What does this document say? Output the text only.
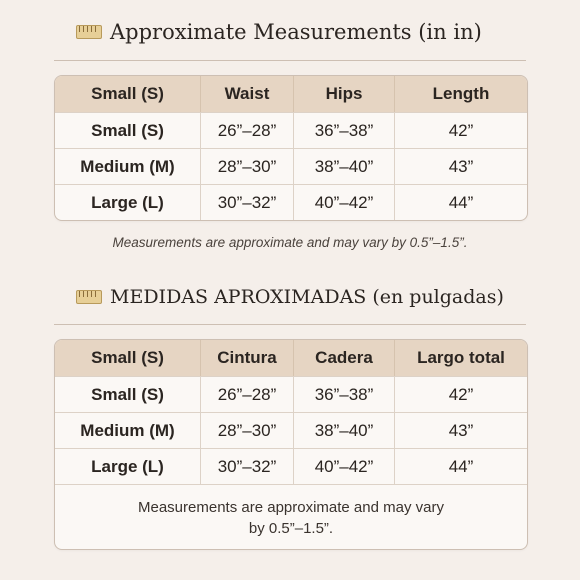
Approximate Measurements (in in)
Small (S)	Waist	Hips	Length
Small (S)	26”–28”	36”–38”	42”
Medium (M)	28”–30”	38”–40”	43”
Large (L)	30”–32”	40”–42”	44”
Measurements are approximate and may vary by 0.5”–1.5”.
MEDIDAS APROXIMADAS (en pulgadas)
Small (S)	Cintura	Cadera	Largo total
Small (S)	26”–28”	36”–38”	42”
Medium (M)	28”–30”	38”–40”	43”
Large (L)	30”–32”	40”–42”	44”
Measurements are approximate and may vary
by 0.5”–1.5”.
